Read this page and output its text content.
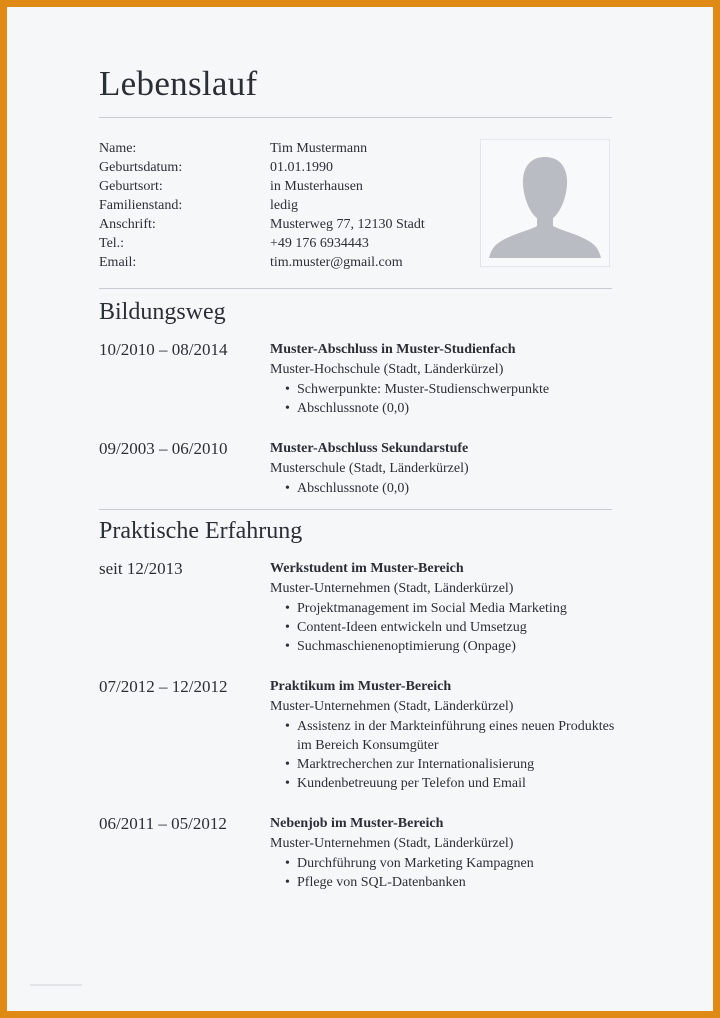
Lebenslauf
Name:	Tim Mustermann
Geburtsdatum:	01.01.1990
Geburtsort:	in Musterhausen
Familienstand:	ledig
Anschrift:	Musterweg 77, 12130 Stadt
Tel.:	+49 176 6934443
Email:	tim.muster@gmail.com
Bildungsweg
10/2010 – 08/2014	Muster-Abschluss in Muster-Studienfach
Muster-Hochschule (Stadt, Länderkürzel)
• Schwerpunkte: Muster-Studienschwerpunkte
• Abschlussnote (0,0)
09/2003 – 06/2010	Muster-Abschluss Sekundarstufe
Musterschule (Stadt, Länderkürzel)
• Abschlussnote (0,0)
Praktische Erfahrung
seit 12/2013	Werkstudent im Muster-Bereich
Muster-Unternehmen (Stadt, Länderkürzel)
• Projektmanagement im Social Media Marketing
• Content-Ideen entwickeln und Umsetzug
• Suchmaschienenoptimierung (Onpage)
07/2012 – 12/2012	Praktikum im Muster-Bereich
Muster-Unternehmen (Stadt, Länderkürzel)
• Assistenz in der Markteinführung eines neuen Produktes im Bereich Konsumgüter
• Marktrecherchen zur Internationalisierung
• Kundenbetreuung per Telefon und Email
06/2011 – 05/2012	Nebenjob im Muster-Bereich
Muster-Unternehmen (Stadt, Länderkürzel)
• Durchführung von Marketing Kampagnen
• Pflege von SQL-Datenbanken
